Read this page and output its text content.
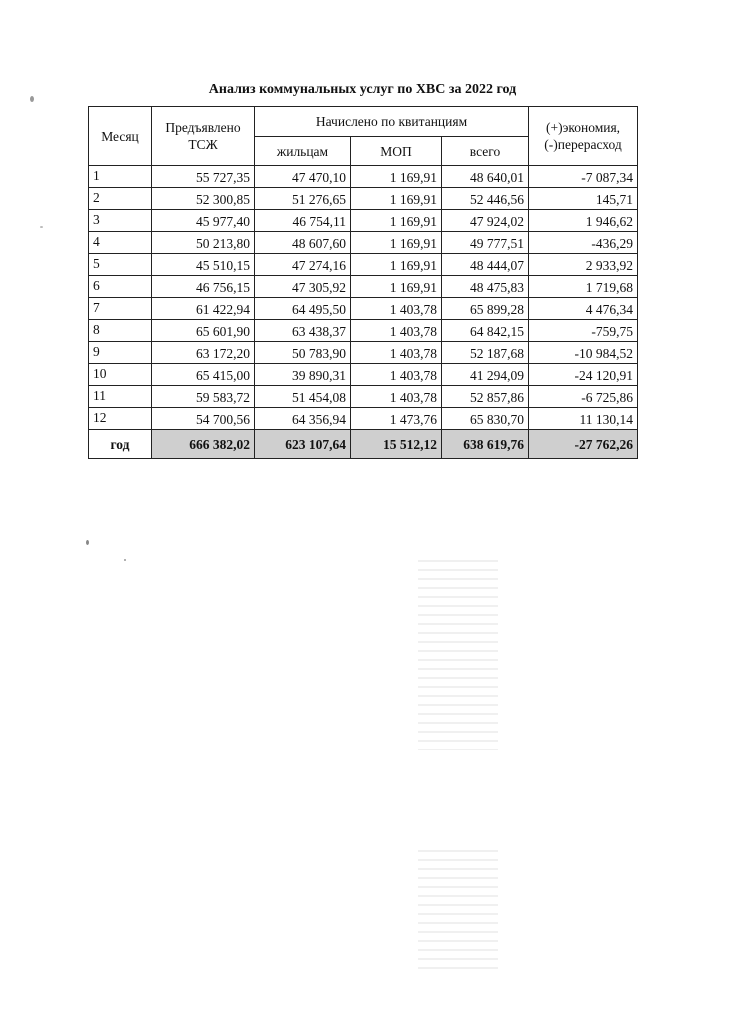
Анализ коммунальных услуг по ХВС за 2022 год
Месяц	Предъявлено ТСЖ	Начислено по квитанциям			(+)экономия, (-)перерасход
		жильцам	МОП	всего	
1	55 727,35	47 470,10	1 169,91	48 640,01	-7 087,34
2	52 300,85	51 276,65	1 169,91	52 446,56	145,71
3	45 977,40	46 754,11	1 169,91	47 924,02	1 946,62
4	50 213,80	48 607,60	1 169,91	49 777,51	-436,29
5	45 510,15	47 274,16	1 169,91	48 444,07	2 933,92
6	46 756,15	47 305,92	1 169,91	48 475,83	1 719,68
7	61 422,94	64 495,50	1 403,78	65 899,28	4 476,34
8	65 601,90	63 438,37	1 403,78	64 842,15	-759,75
9	63 172,20	50 783,90	1 403,78	52 187,68	-10 984,52
10	65 415,00	39 890,31	1 403,78	41 294,09	-24 120,91
11	59 583,72	51 454,08	1 403,78	52 857,86	-6 725,86
12	54 700,56	64 356,94	1 473,76	65 830,70	11 130,14
год	666 382,02	623 107,64	15 512,12	638 619,76	-27 762,26
